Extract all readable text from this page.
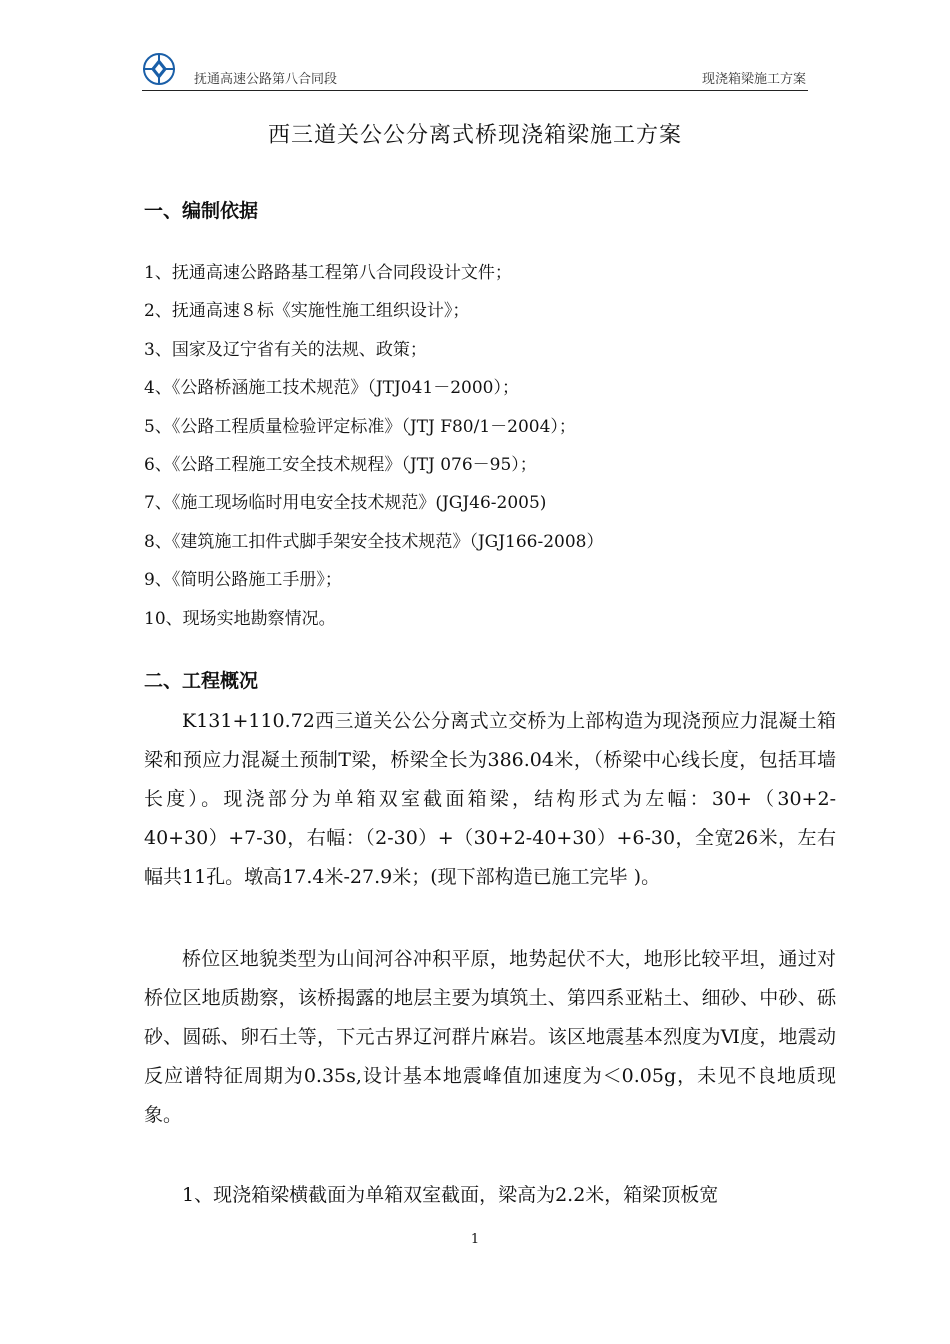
抚通高速公路第八合同段	现浇箱梁施工方案
西三道关公公分离式桥现浇箱梁施工方案
一、编制依据
1、抚通高速公路路基工程第八合同段设计文件；
2、抚通高速８标《实施性施工组织设计》；
3、国家及辽宁省有关的法规、政策；
4、《公路桥涵施工技术规范》（JTJ041－2000）；
5、《公路工程质量检验评定标准》（JTJ F80/1－2004）；
6、《公路工程施工安全技术规程》（JTJ 076－95）；
7、《施工现场临时用电安全技术规范》(JGJ46-2005)
8、《建筑施工扣件式脚手架安全技术规范》（JGJ166-2008）
9、《简明公路施工手册》；
10、现场实地勘察情况。
二、工程概况

K131+110.72西三道关公公分离式立交桥为上部构造为现浇预应力混凝土箱梁和预应力混凝土预制T梁，桥梁全长为386.04米，（桥梁中心线长度，包括耳墙长度）。现浇部分为单箱双室截面箱梁，结构形式为左幅：30+（30+2-40+30）+7-30，右幅：（2-30）+（30+2-40+30）+6-30，全宽26米，左右幅共11孔。墩高17.4米-27.9米；(现下部构造已施工完毕 )。

桥位区地貌类型为山间河谷冲积平原，地势起伏不大，地形比较平坦，通过对桥位区地质勘察，该桥揭露的地层主要为填筑土、第四系亚粘土、细砂、中砂、砾砂、圆砾、卵石土等，下元古界辽河群片麻岩。该区地震基本烈度为Ⅵ度，地震动反应谱特征周期为0.35s,设计基本地震峰值加速度为＜0.05g，未见不良地质现象。

1、现浇箱梁横截面为单箱双室截面，梁高为2.2米，箱梁顶板宽

1
